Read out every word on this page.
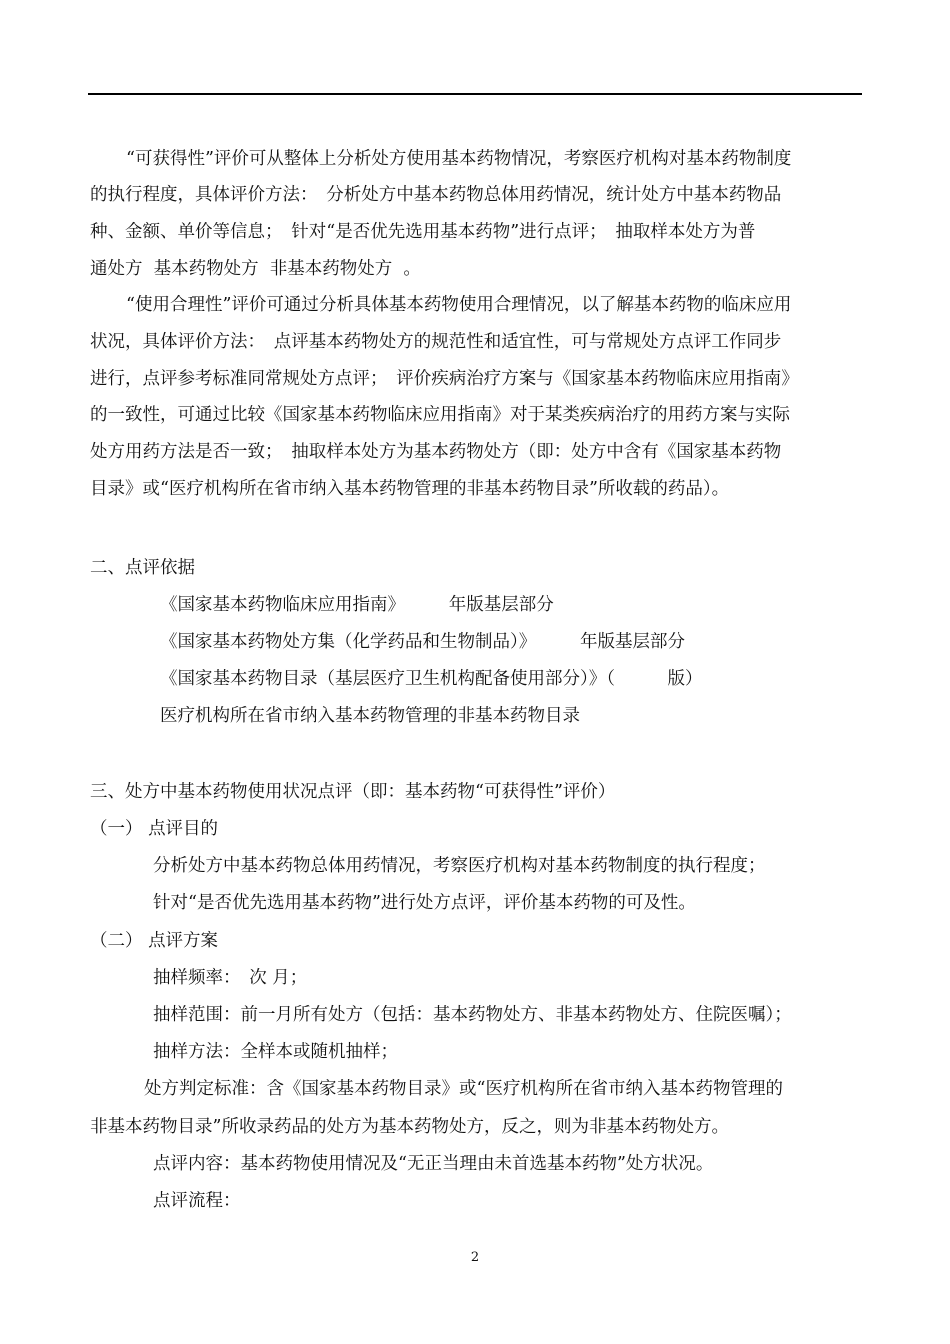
“可获得性”评价可从整体上分析处方使用基本药物情况，考察医疗机构对基本药物制度
的执行程度，具体评价方法：　分析处方中基本药物总体用药情况，统计处方中基本药物品
种、金额、单价等信息；　针对“是否优先选用基本药物”进行点评；　抽取样本处方为普
通处方  基本药物处方  非基本药物处方  。
“使用合理性”评价可通过分析具体基本药物使用合理情况，以了解基本药物的临床应用
状况，具体评价方法：　点评基本药物处方的规范性和适宜性，可与常规处方点评工作同步
进行，点评参考标准同常规处方点评；　评价疾病治疗方案与《国家基本药物临床应用指南》
的一致性，可通过比较《国家基本药物临床应用指南》对于某类疾病治疗的用药方案与实际
处方用药方法是否一致；　抽取样本处方为基本药物处方（即：处方中含有《国家基本药物
目录》或“医疗机构所在省市纳入基本药物管理的非基本药物目录”所收载的药品）。
二、点评依据
《国家基本药物临床应用指南》　　　年版基层部分
《国家基本药物处方集（化学药品和生物制品）》　　　年版基层部分
《国家基本药物目录（基层医疗卫生机构配备使用部分）》（　　　版）
医疗机构所在省市纳入基本药物管理的非基本药物目录
三、处方中基本药物使用状况点评（即：基本药物“可获得性”评价）
（一） 点评目的
分析处方中基本药物总体用药情况，考察医疗机构对基本药物制度的执行程度；
针对“是否优先选用基本药物”进行处方点评，评价基本药物的可及性。
（二） 点评方案
抽样频率：　次 月；
抽样范围：前一月所有处方（包括：基本药物处方、非基本药物处方、住院医嘱）；
抽样方法：全样本或随机抽样；
处方判定标准：含《国家基本药物目录》或“医疗机构所在省市纳入基本药物管理的
非基本药物目录”所收录药品的处方为基本药物处方，反之，则为非基本药物处方。
点评内容：基本药物使用情况及“无正当理由未首选基本药物”处方状况。
点评流程：
2
